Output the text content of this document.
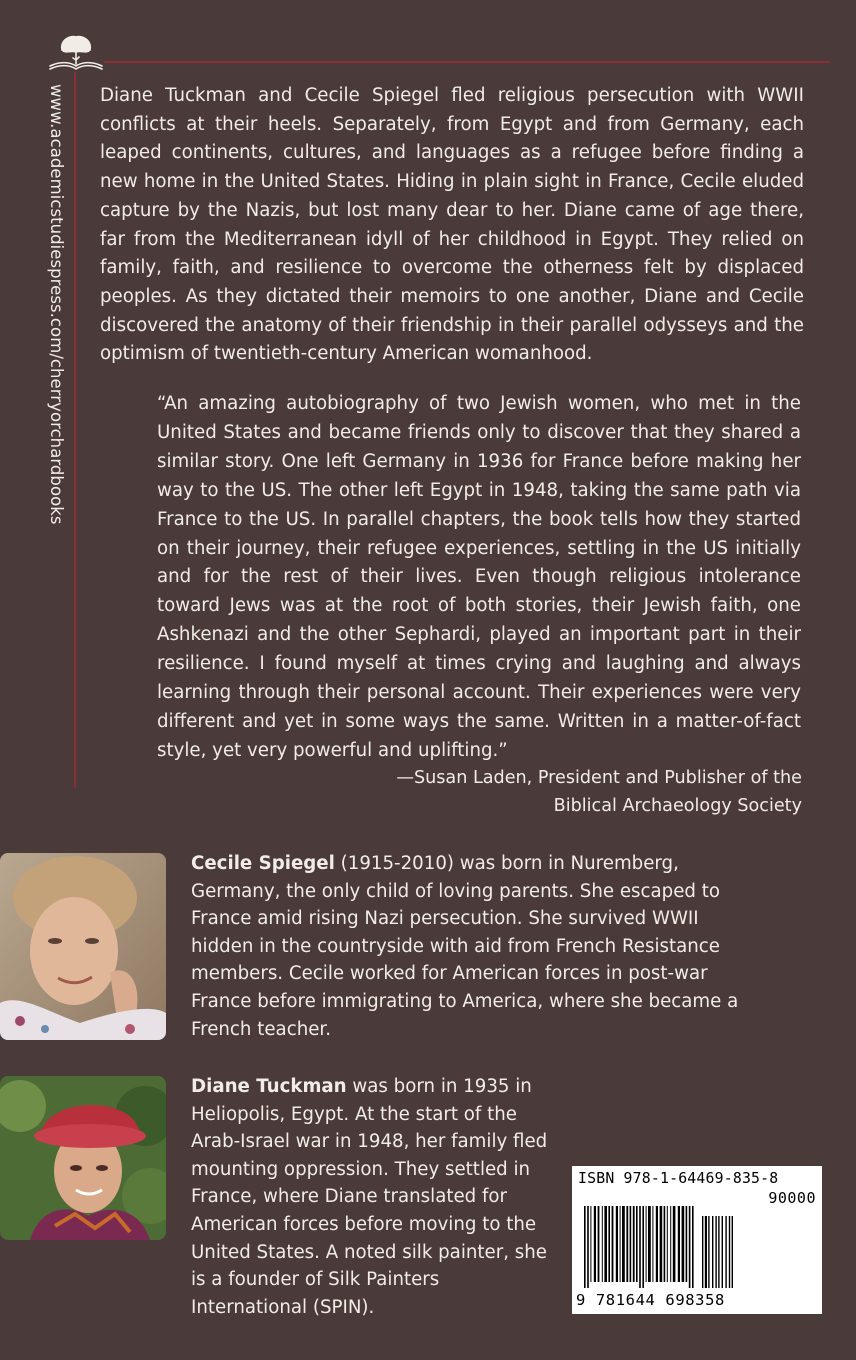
www.academicstudiespress.com/cherryorchardbooks Diane Tuckman and Cecile Spiegel fled religious persecution with WWII conflicts at their heels. Separately, from Egypt and from Germany, each leaped continents, cultures, and languages as a refugee before finding a new home in the United States. Hiding in plain sight in France, Cecile eluded capture by the Nazis, but lost many dear to her. Diane came of age there, far from the Mediterranean idyll of her childhood in Egypt. They relied on family, faith, and resilience to overcome the otherness felt by displaced peoples. As they dictated their memoirs to one another, Diane and Cecile discovered the anatomy of their friendship in their parallel odysseys and the optimism of twentieth-century American womanhood.

“An amazing autobiography of two Jewish women, who met in the United States and became friends only to discover that they shared a similar story. One left Germany in 1936 for France before making her way to the US. The other left Egypt in 1948, taking the same path via France to the US. In parallel chapters, the book tells how they started on their journey, their refugee experiences, settling in the US initially and for the rest of their lives. Even though religious intolerance toward Jews was at the root of both stories, their Jewish faith, one Ashkenazi and the other Sephardi, played an important part in their resilience. I found myself at times crying and laughing and always learning through their personal account. Their experiences were very different and yet in some ways the same. Written in a matter-of-fact style, yet very powerful and uplifting.”

—Susan Laden, President and Publisher of the
Biblical Archaeology Society

Cecile Spiegel (1915-2010) was born in Nuremberg, Germany, the only child of loving parents. She escaped to France amid rising Nazi persecution. She survived WWII hidden in the countryside with aid from French Resistance members. Cecile worked for American forces in post-war France before immigrating to America, where she became a French teacher.

Diane Tuckman was born in 1935 in Heliopolis, Egypt. At the start of the Arab-Israel war in 1948, her family fled mounting oppression. They settled in France, where Diane translated for American forces before moving to the United States. A noted silk painter, she is a founder of Silk Painters International (SPIN).

ISBN 978-1-64469-835-8
90000
9 781644 698358
